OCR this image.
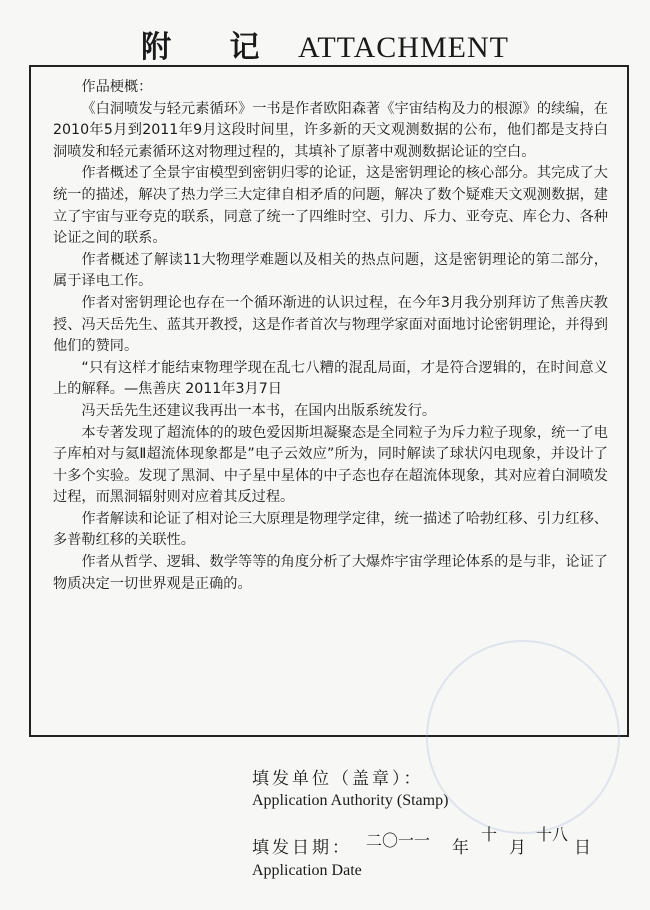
附 记 ATTACHMENT

作品梗概：

《白洞喷发与轻元素循环》一书是作者欧阳森著《宇宙结构及力的根源》的续编，在2010年5月到2011年9月这段时间里，许多新的天文观测数据的公布，他们都是支持白洞喷发和轻元素循环这对物理过程的，其填补了原著中观测数据论证的空白。

作者概述了全景宇宙模型到密钥归零的论证，这是密钥理论的核心部分。其完成了大统一的描述，解决了热力学三大定律自相矛盾的问题，解决了数个疑难天文观测数据，建立了宇宙与亚夸克的联系，同意了统一了四维时空、引力、斥力、亚夸克、库仑力、各种论证之间的联系。

作者概述了解读11大物理学难题以及相关的热点问题，这是密钥理论的第二部分，属于译电工作。

作者对密钥理论也存在一个循环渐进的认识过程，在今年3月我分别拜访了焦善庆教授、冯天岳先生、蓝其开教授，这是作者首次与物理学家面对面地讨论密钥理论，并得到他们的赞同。

“只有这样才能结束物理学现在乱七八糟的混乱局面，才是符合逻辑的，在时间意义上的解释。—焦善庆 2011年3月7日

冯天岳先生还建议我再出一本书，在国内出版系统发行。

本专著发现了超流体的的玻色爱因斯坦凝聚态是全同粒子为斥力粒子现象，统一了电子库柏对与氦Ⅱ超流体现象都是”电子云效应”所为，同时解读了球状闪电现象，并设计了十多个实验。发现了黑洞、中子星中星体的中子态也存在超流体现象，其对应着白洞喷发过程，而黑洞辐射则对应着其反过程。

作者解读和论证了相对论三大原理是物理学定律，统一描述了哈勃红移、引力红移、多普勒红移的关联性。

作者从哲学、逻辑、数学等等的角度分析了大爆炸宇宙学理论体系的是与非，论证了物质决定一切世界观是正确的。

填发单位（盖章）：
Application Authority (Stamp)
填发日期： 二〇一一 年
十
月
十八
日
Application Date
